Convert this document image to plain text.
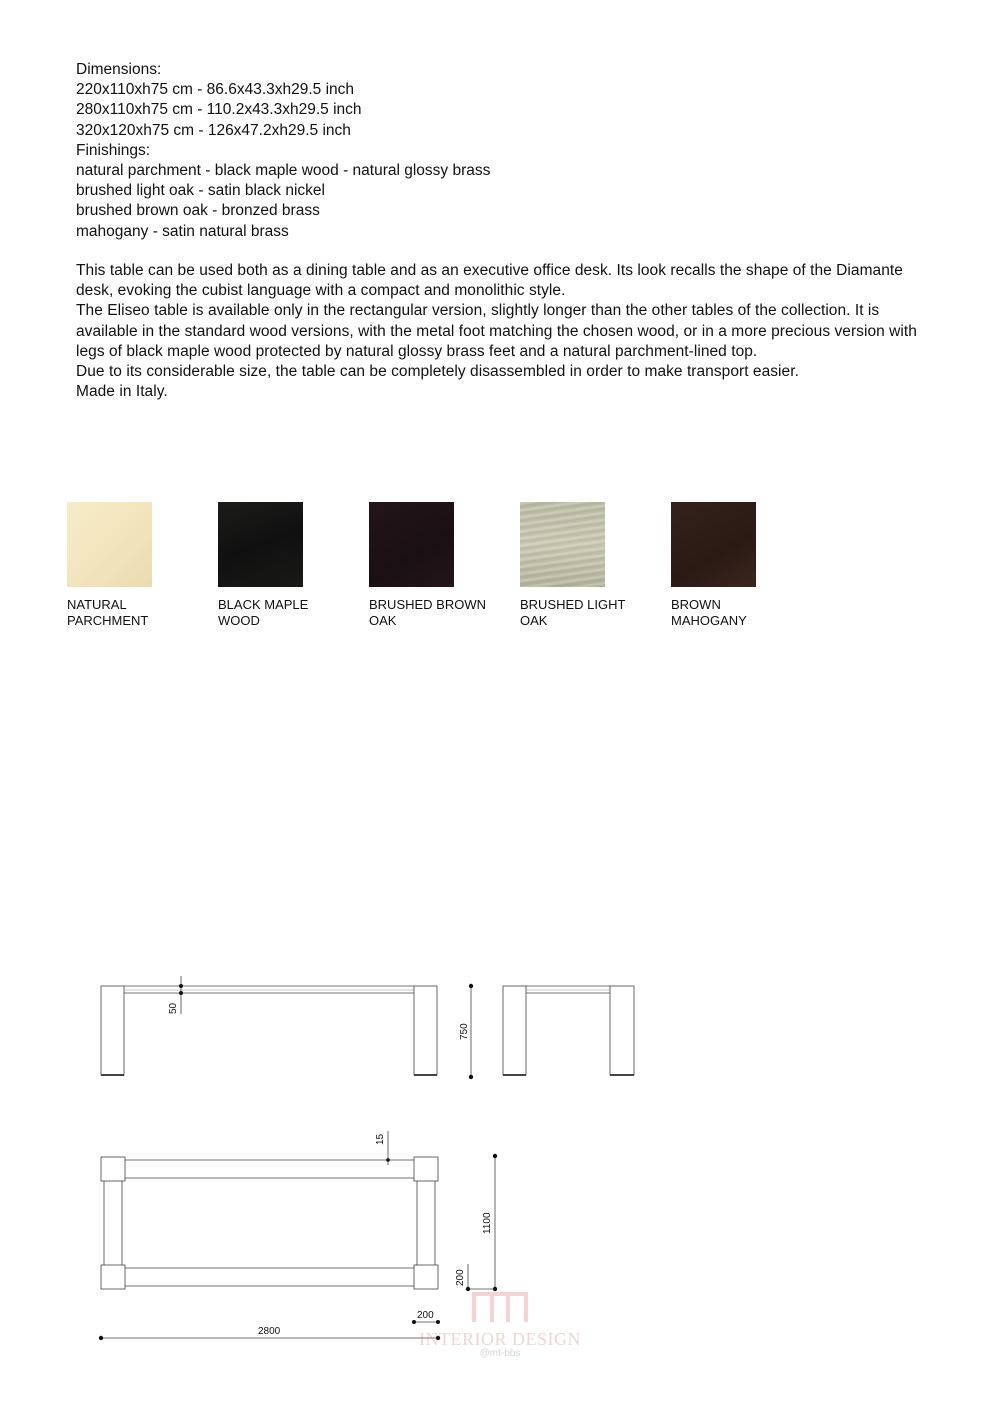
Dimensions:
220x110xh75 cm - 86.6x43.3xh29.5 inch
280x110xh75 cm - 110.2x43.3xh29.5 inch
320x120xh75 cm - 126x47.2xh29.5 inch
Finishings:
natural parchment - black maple wood - natural glossy brass
brushed light oak - satin black nickel
brushed brown oak - bronzed brass
mahogany - satin natural brass

This table can be used both as a dining table and as an executive office desk. Its look recalls the shape of the Diamante desk, evoking the cubist language with a compact and monolithic style.

The Eliseo table is available only in the rectangular version, slightly longer than the other tables of the collection. It is available in the standard wood versions, with the metal foot matching the chosen wood, or in a more precious version with legs of black maple wood protected by natural glossy brass feet and a natural parchment-lined top.

Due to its considerable size, the table can be completely disassembled in order to make transport easier.

Made in Italy.

NATURAL
PARCHMENT
BLACK MAPLE
WOOD
BRUSHED BROWN
OAK
BRUSHED LIGHT
OAK
BROWN
MAHOGANY
50
750
15
1100
200
200
2800	INTERIOR DESIGN
@mt-bbs
